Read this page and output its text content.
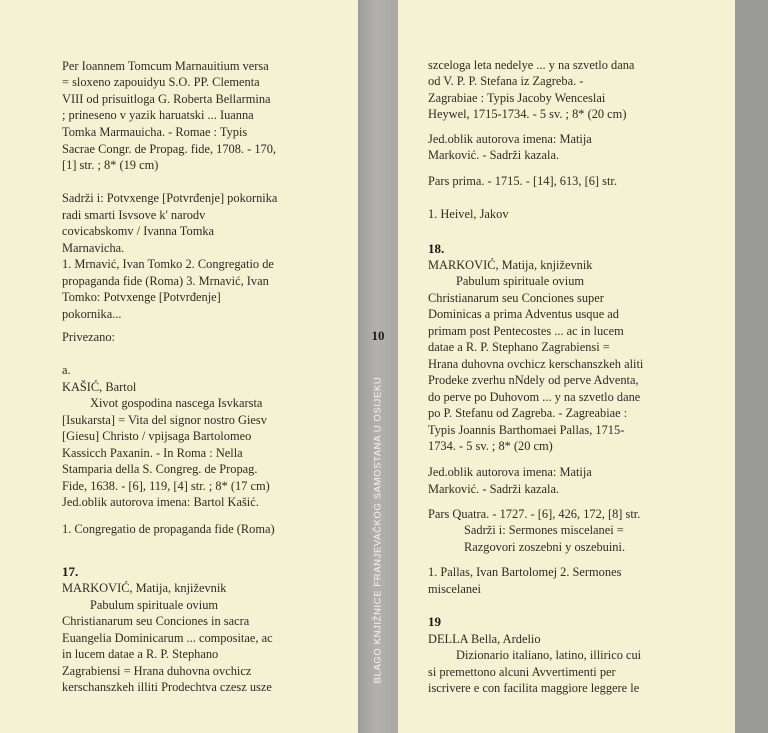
Per Ioannem Tomcum Marnauitium versa
= sloxeno zapouidyu S.O. PP. Clementa
VIII od prisuitloga G. Roberta Bellarmina
; prineseno v yazik haruatski ... Iuanna
Tomka Marmauicha. - Romae : Typis
Sacrae Congr. de Propag. fide, 1708. - 170,
[1] str. ; 8* (19 cm)
Sadrži i: Potvxenge [Potvrđenje] pokornika
radi smarti Isvsove k' narodv
covicabskomv / Ivanna Tomka
Marnavicha.
1. Mrnavić, Ivan Tomko 2. Congregatio de
propaganda fide (Roma) 3. Mrnavić, Ivan
Tomko: Potvxenge [Potvrđenje]
pokornika...
Privezano:
a.
KAŠIĆ, Bartol
Xivot gospodina nascega Isvkarsta
[Isukarsta] = Vita del signor nostro Giesv
[Giesu] Christo / vpijsaga Bartolomeo
Kassicch Paxanin. - In Roma : Nella
Stamparia della S. Congreg. de Propag.
Fide, 1638. - [6], 119, [4] str. ; 8* (17 cm)
Jed.oblik autorova imena: Bartol Kašić.
1. Congregatio de propaganda fide (Roma)
17.
MARKOVIĆ, Matija, književnik
Pabulum spirituale ovium
Christianarum seu Conciones in sacra
Euangelia Dominicarum ... compositae, ac
in lucem datae a R. P. Stephano
Zagrabiensi = Hrana duhovna ovchicz
kerschanszkeh illiti Prodechtva czesz usze
10
BLAGO KNJIŽNICE FRANJEVAČKOG SAMOSTANA U OSIJEKU
szceloga leta nedelye ... y na szvetlo dana
od V. P. P. Stefana iz Zagreba. -
Zagrabiae : Typis Jacoby Wenceslai
Heywel, 1715-1734. - 5 sv. ; 8* (20 cm)
Jed.oblik autorova imena: Matija
Marković. - Sadrži kazala.
Pars prima. - 1715. - [14], 613, [6] str.
1. Heivel, Jakov
18.
MARKOVIĆ, Matija, književnik
Pabulum spirituale ovium
Christianarum seu Conciones super
Dominicas a prima Adventus usque ad
primam post Pentecostes ... ac in lucem
datae a R. P. Stephano Zagrabiensi =
Hrana duhovna ovchicz kerschanszkeh aliti
Prodeke zverhu nNdely od perve Adventa,
do perve po Duhovom ... y na szvetlo dane
po P. Stefanu od Zagreba. - Zagreabiae :
Typis Joannis Barthomaei Pallas, 1715-
1734. - 5 sv. ; 8* (20 cm)
Jed.oblik autorova imena: Matija
Marković. - Sadrži kazala.
Pars Quatra. - 1727. - [6], 426, 172, [8] str.
Sadrži i: Sermones miscelanei =
Razgovori zoszebni y oszebuini.
1. Pallas, Ivan Bartolomej 2. Sermones
miscelanei
19
DELLA Bella, Ardelio
Dizionario italiano, latino, illirico cui
si premettono alcuni Avvertimenti per
iscrivere e con facilita maggiore leggere le
